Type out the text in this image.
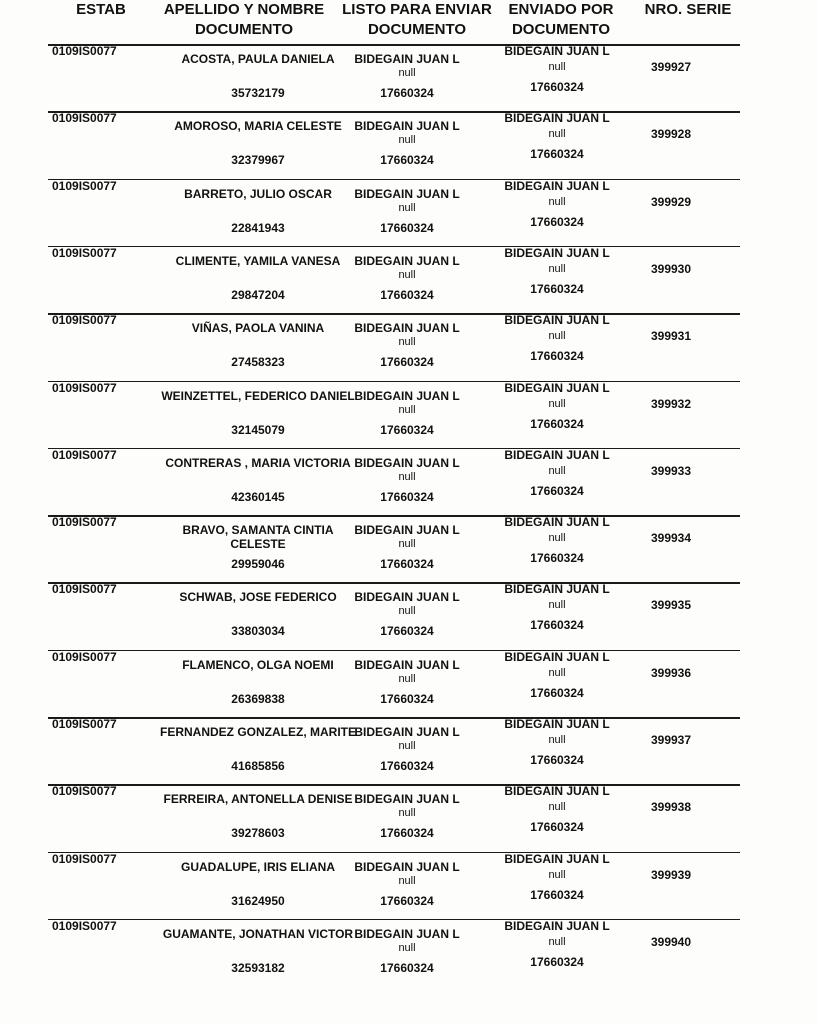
ESTAB	APELLIDO Y NOMBRE
DOCUMENTO
LISTO PARA ENVIAR
DOCUMENTO
ENVIADO POR
DOCUMENTO
NRO. SERIE
0109IS0077
ACOSTA, PAULA DANIELA
35732179
BIDEGAIN JUAN L
null
17660324
BIDEGAIN JUAN L
null
17660324
399927
0109IS0077
AMOROSO, MARIA CELESTE
32379967
BIDEGAIN JUAN L
null
17660324
BIDEGAIN JUAN L
null
17660324
399928
0109IS0077
BARRETO, JULIO OSCAR
22841943
BIDEGAIN JUAN L
null
17660324
BIDEGAIN JUAN L
null
17660324
399929
0109IS0077
CLIMENTE, YAMILA VANESA
29847204
BIDEGAIN JUAN L
null
17660324
BIDEGAIN JUAN L
null
17660324
399930
0109IS0077
VIÑAS, PAOLA VANINA
27458323
BIDEGAIN JUAN L
null
17660324
BIDEGAIN JUAN L
null
17660324
399931
0109IS0077
WEINZETTEL, FEDERICO DANIEL
32145079
BIDEGAIN JUAN L
null
17660324
BIDEGAIN JUAN L
null
17660324
399932
0109IS0077
CONTRERAS , MARIA VICTORIA
42360145
BIDEGAIN JUAN L
null
17660324
BIDEGAIN JUAN L
null
17660324
399933
0109IS0077
BRAVO, SAMANTA CINTIA CELESTE
29959046
BIDEGAIN JUAN L
null
17660324
BIDEGAIN JUAN L
null
17660324
399934
0109IS0077
SCHWAB, JOSE FEDERICO
33803034
BIDEGAIN JUAN L
null
17660324
BIDEGAIN JUAN L
null
17660324
399935
0109IS0077
FLAMENCO, OLGA NOEMI
26369838
BIDEGAIN JUAN L
null
17660324
BIDEGAIN JUAN L
null
17660324
399936
0109IS0077
FERNANDEZ GONZALEZ, MARITE
41685856
BIDEGAIN JUAN L
null
17660324
BIDEGAIN JUAN L
null
17660324
399937
0109IS0077
FERREIRA, ANTONELLA DENISE
39278603
BIDEGAIN JUAN L
null
17660324
BIDEGAIN JUAN L
null
17660324
399938
0109IS0077
GUADALUPE, IRIS ELIANA
31624950
BIDEGAIN JUAN L
null
17660324
BIDEGAIN JUAN L
null
17660324
399939
0109IS0077
GUAMANTE, JONATHAN VICTOR
32593182
BIDEGAIN JUAN L
null
17660324
BIDEGAIN JUAN L
null
17660324
399940
